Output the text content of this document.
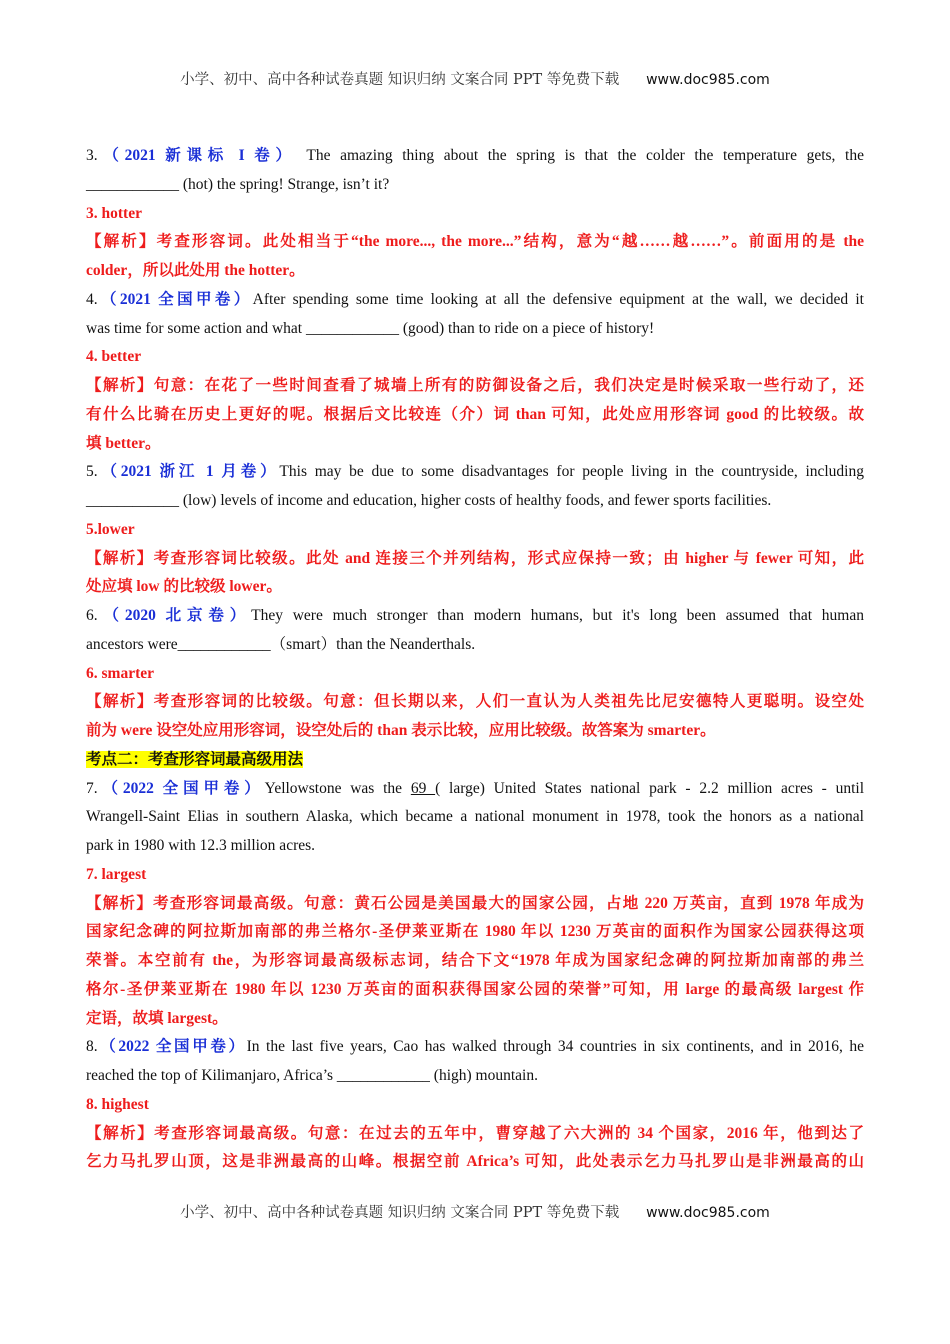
小学、初中、高中各种试卷真题 知识归纳 文案合同 PPT 等免费下载 www.doc985.com
3.（2021 新课标 I 卷） The amazing thing about the spring is that the colder the temperature gets, the
____________ (hot) the spring! Strange, isn’t it?
3. hotter
【解析】考查形容词。此处相当于“the more..., the more...”结构，意为“越……越……”。前面用的是 the
colder，所以此处用 the hotter。
4.（2021 全国甲卷）After spending some time looking at all the defensive equipment at the wall, we decided it
was time for some action and what ____________ (good) than to ride on a piece of history!
4. better
【解析】句意：在花了一些时间查看了城墙上所有的防御设备之后，我们决定是时候采取一些行动了，还
有什么比骑在历史上更好的呢。根据后文比较连（介）词 than 可知，此处应用形容词 good 的比较级。故
填 better。
5.（2021 浙江 1 月卷）This may be due to some disadvantages for people living in the countryside, including
____________ (low) levels of income and education, higher costs of healthy foods, and fewer sports facilities.
5.lower
【解析】考查形容词比较级。此处 and 连接三个并列结构，形式应保持一致；由 higher 与 fewer 可知，此
处应填 low 的比较级 lower。
6.（2020 北京卷）They were much stronger than modern humans, but it's long been assumed that human
ancestors were____________（smart）than the Neanderthals.
6. smarter
【解析】考查形容词的比较级。句意：但长期以来，人们一直认为人类祖先比尼安德特人更聪明。设空处
前为 were 设空处应用形容词，设空处后的 than 表示比较，应用比较级。故答案为 smarter。
考点二：考查形容词最高级用法
7.（2022 全国甲卷）Yellowstone was the 69 ( large) United States national park - 2.2 million acres - until
Wrangell-Saint Elias in southern Alaska, which became a national monument in 1978, took the honors as a national
park in 1980 with 12.3 million acres.
7. largest
【解析】考查形容词最高级。句意：黄石公园是美国最大的国家公园，占地 220 万英亩，直到 1978 年成为
国家纪念碑的阿拉斯加南部的弗兰格尔-圣伊莱亚斯在 1980 年以 1230 万英亩的面积作为国家公园获得这项
荣誉。本空前有 the，为形容词最高级标志词，结合下文“1978 年成为国家纪念碑的阿拉斯加南部的弗兰
格尔-圣伊莱亚斯在 1980 年以 1230 万英亩的面积获得国家公园的荣誉”可知，用 large 的最高级 largest 作
定语，故填 largest。
8.（2022 全国甲卷）In the last five years, Cao has walked through 34 countries in six continents, and in 2016, he
reached the top of Kilimanjaro, Africa’s ____________ (high) mountain.
8. highest
【解析】考查形容词最高级。句意：在过去的五年中，曹穿越了六大洲的 34 个国家，2016 年，他到达了
乞力马扎罗山顶，这是非洲最高的山峰。根据空前 Africa’s 可知，此处表示乞力马扎罗山是非洲最高的山
小学、初中、高中各种试卷真题 知识归纳 文案合同 PPT 等免费下载 www.doc985.com
